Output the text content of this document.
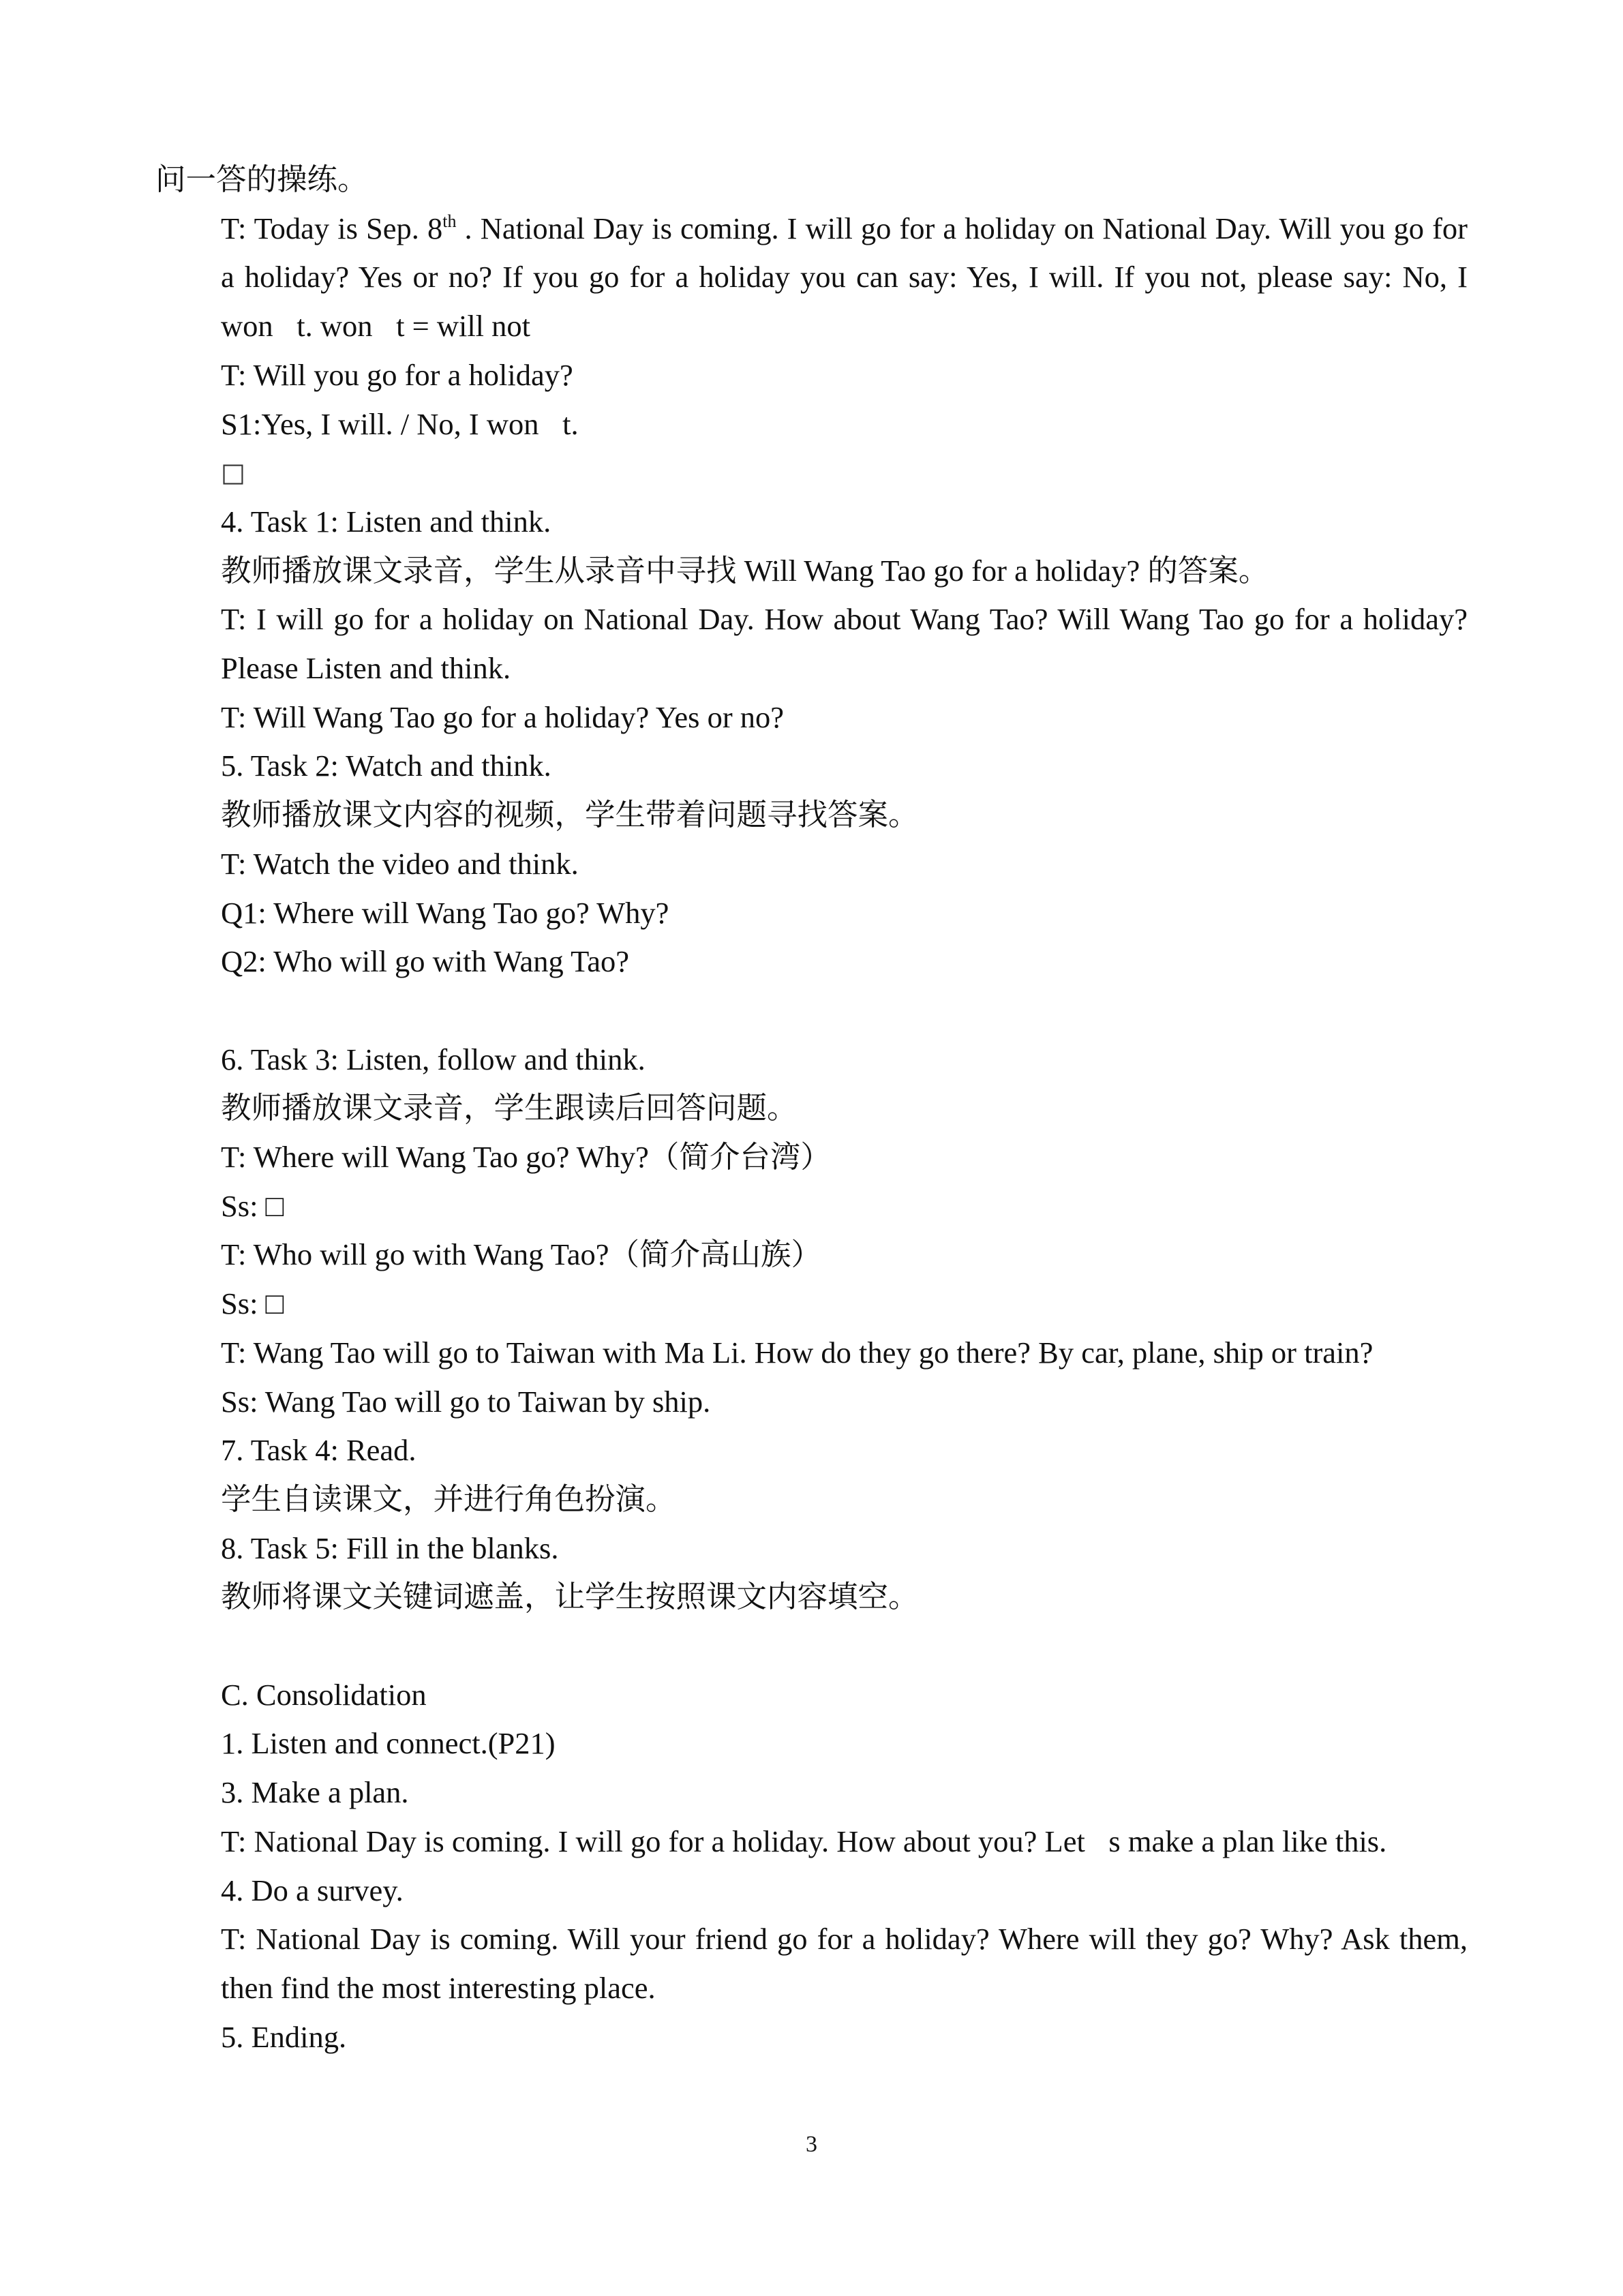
问一答的操练。

T: Today is Sep. 8th . National Day is coming. I will go for a holiday on National Day. Will you go for a holiday? Yes or no? If you go for a holiday you can say: Yes, I will. If you not, please say: No, I won t. won t = will not

T: Will you go for a holiday?

S1:Yes, I will. / No, I won t.

□

4. Task 1: Listen and think.

教师播放课文录音，学生从录音中寻找 Will Wang Tao go for a holiday? 的答案。

T: I will go for a holiday on National Day. How about Wang Tao? Will Wang Tao go for a holiday? Please Listen and think.

T: Will Wang Tao go for a holiday? Yes or no?

5. Task 2: Watch and think.

教师播放课文内容的视频，学生带着问题寻找答案。

T: Watch the video and think.

Q1: Where will Wang Tao go? Why?

Q2: Who will go with Wang Tao?

6. Task 3: Listen, follow and think.

教师播放课文录音，学生跟读后回答问题。

T: Where will Wang Tao go? Why?（简介台湾）

Ss: □

T: Who will go with Wang Tao?（简介高山族）

Ss: □

T: Wang Tao will go to Taiwan with Ma Li. How do they go there? By car, plane, ship or train?

Ss: Wang Tao will go to Taiwan by ship.

7. Task 4: Read.

学生自读课文，并进行角色扮演。

8. Task 5: Fill in the blanks.

教师将课文关键词遮盖，让学生按照课文内容填空。

C. Consolidation

1. Listen and connect.(P21)

3. Make a plan.

T: National Day is coming. I will go for a holiday. How about you? Let s make a plan like this.

4. Do a survey.

T: National Day is coming. Will your friend go for a holiday? Where will they go? Why? Ask them, then find the most interesting place.

5. Ending.

3
